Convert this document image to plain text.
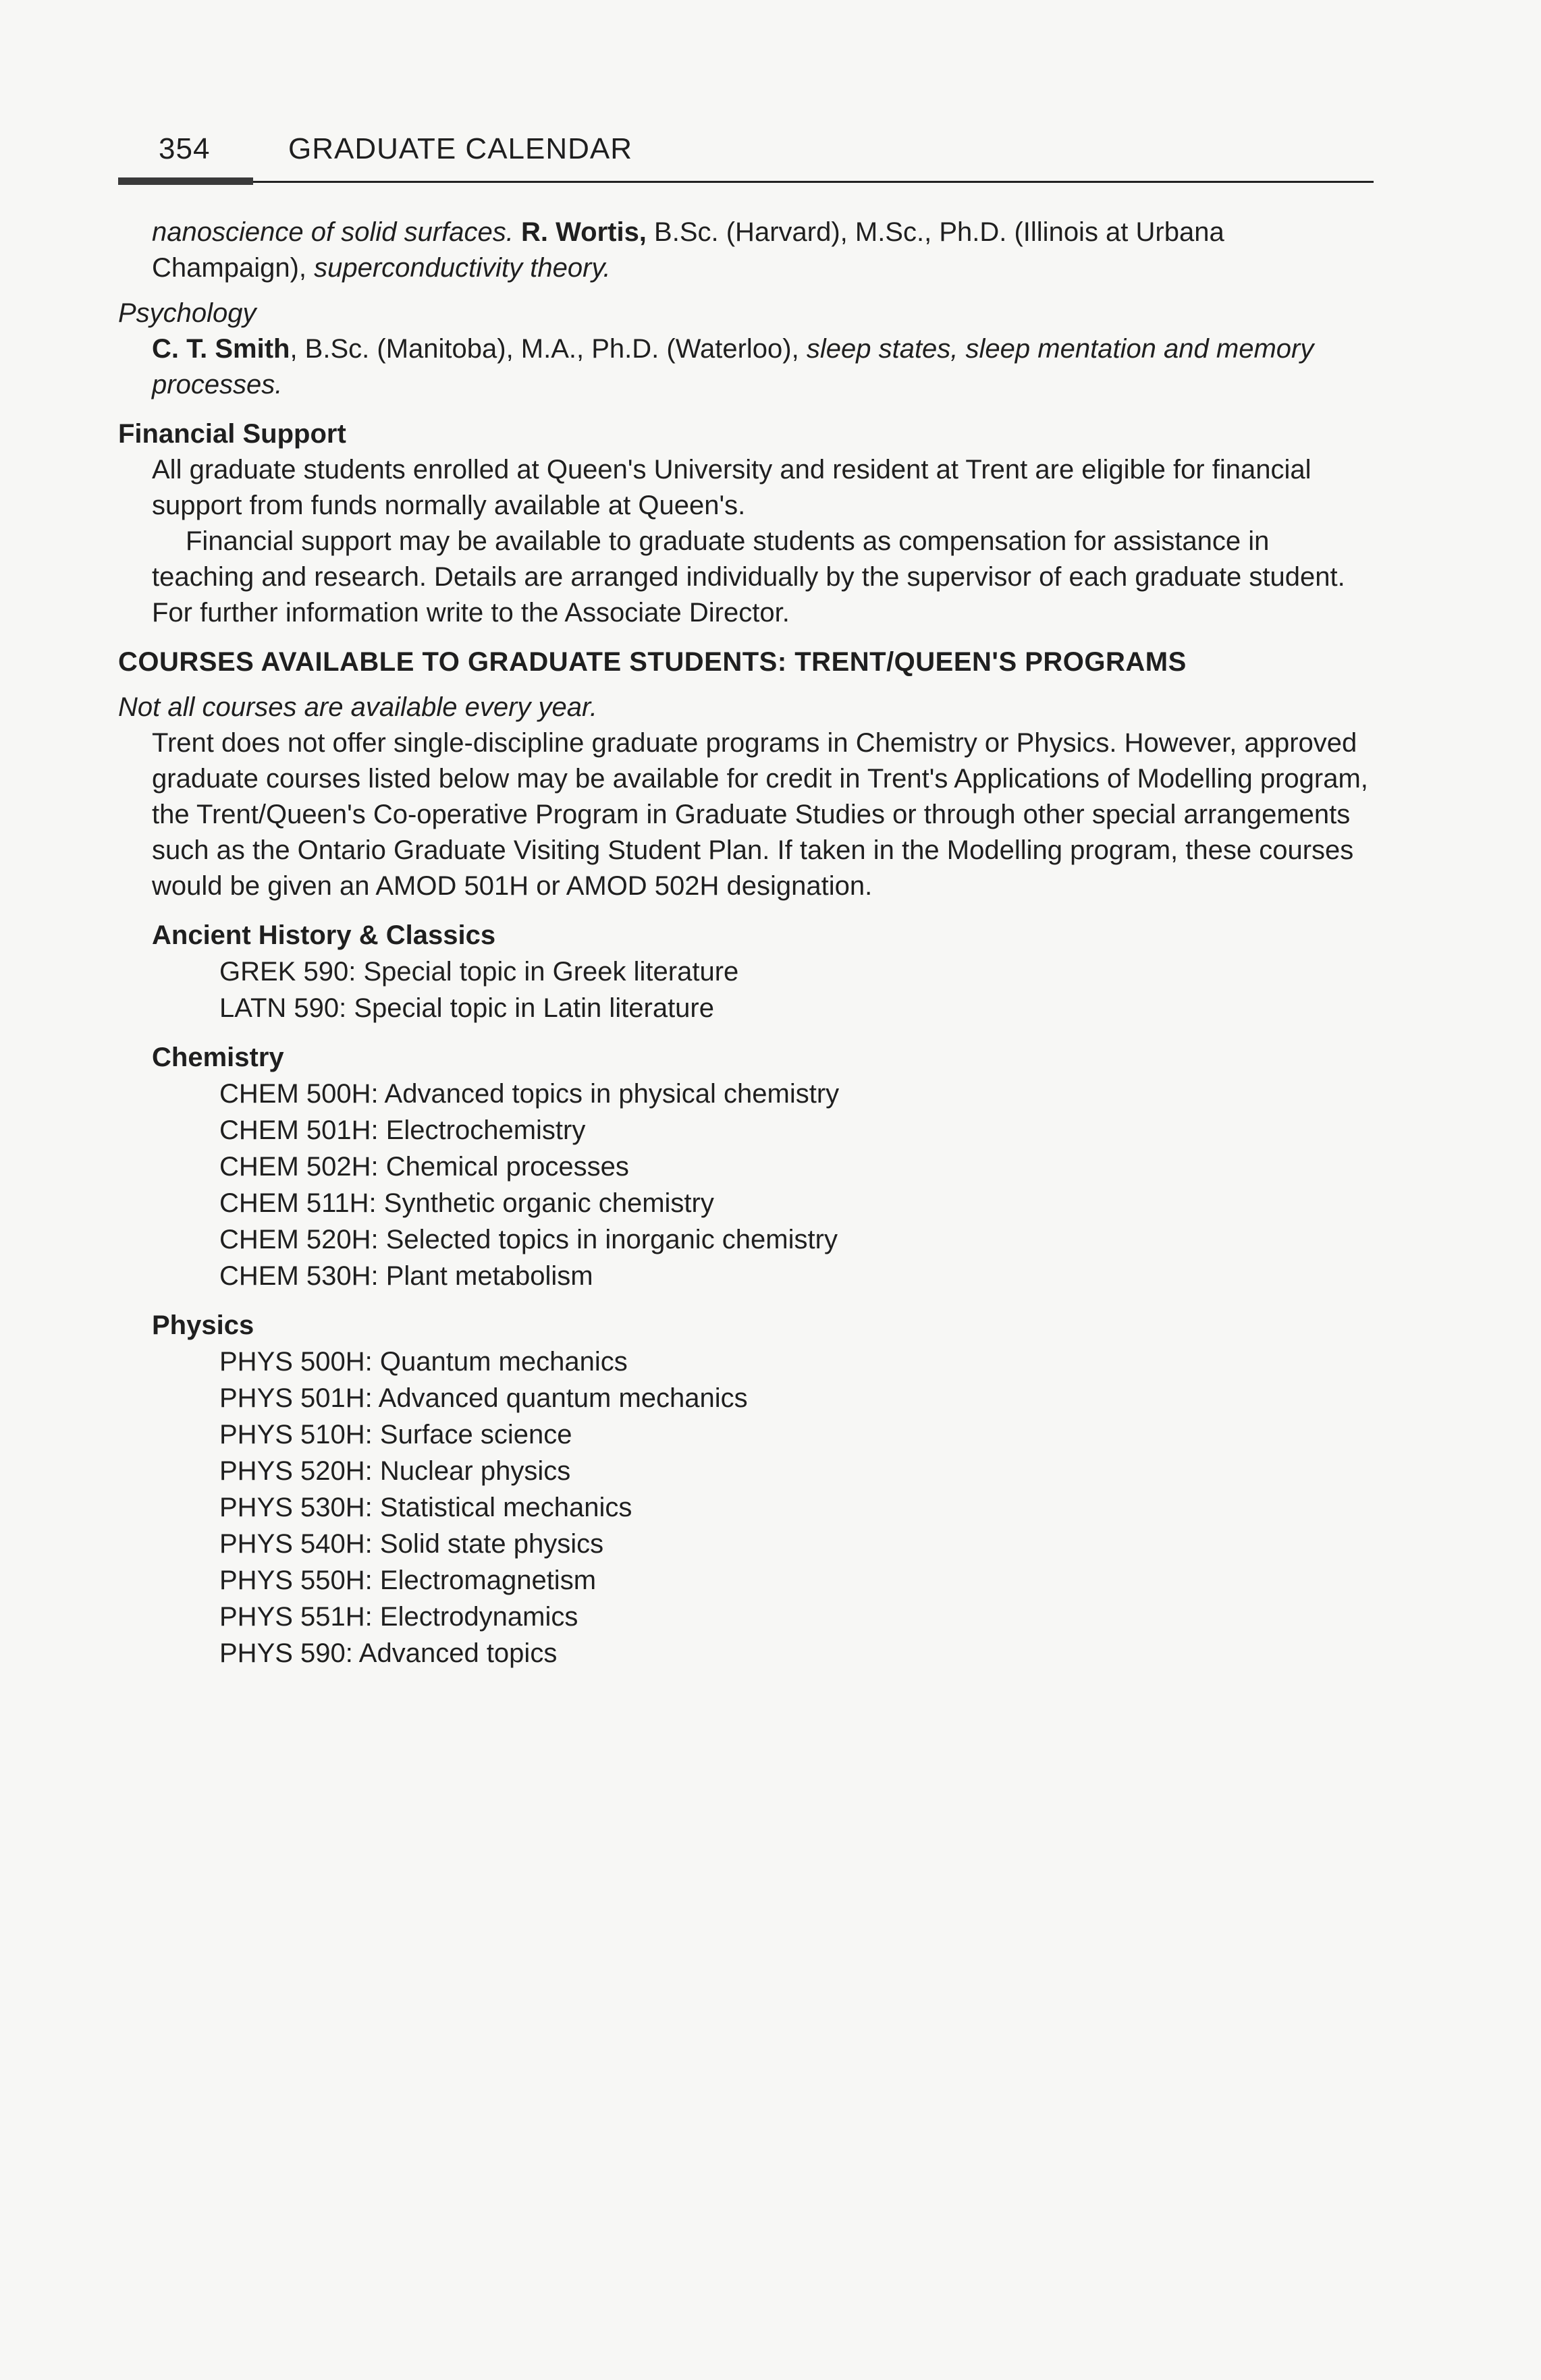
354	GRADUATE CALENDAR

nanoscience of solid surfaces. R. Wortis, B.Sc. (Harvard), M.Sc., Ph.D. (Illinois at Urbana Champaign), superconductivity theory.

Psychology

C. T. Smith, B.Sc. (Manitoba), M.A., Ph.D. (Waterloo), sleep states, sleep mentation and memory processes.

Financial Support

All graduate students enrolled at Queen's University and resident at Trent are eligible for financial support from funds normally available at Queen's.

Financial support may be available to graduate students as compensation for assistance in teaching and research. Details are arranged individually by the supervisor of each graduate student. For further information write to the Associate Director.

COURSES AVAILABLE TO GRADUATE STUDENTS: TRENT/QUEEN'S PROGRAMS

Not all courses are available every year.

Trent does not offer single-discipline graduate programs in Chemistry or Physics. However, approved graduate courses listed below may be available for credit in Trent's Applications of Modelling program, the Trent/Queen's Co-operative Program in Graduate Studies or through other special arrangements such as the Ontario Graduate Visiting Student Plan. If taken in the Modelling program, these courses would be given an AMOD 501H or AMOD 502H designation.

Ancient History & Classics

GREK 590: Special topic in Greek literature
LATN 590: Special topic in Latin literature

Chemistry

CHEM 500H: Advanced topics in physical chemistry
CHEM 501H: Electrochemistry
CHEM 502H: Chemical processes
CHEM 511H: Synthetic organic chemistry
CHEM 520H: Selected topics in inorganic chemistry
CHEM 530H: Plant metabolism

Physics

PHYS 500H: Quantum mechanics
PHYS 501H: Advanced quantum mechanics
PHYS 510H: Surface science
PHYS 520H: Nuclear physics
PHYS 530H: Statistical mechanics
PHYS 540H: Solid state physics
PHYS 550H: Electromagnetism
PHYS 551H: Electrodynamics
PHYS 590: Advanced topics
